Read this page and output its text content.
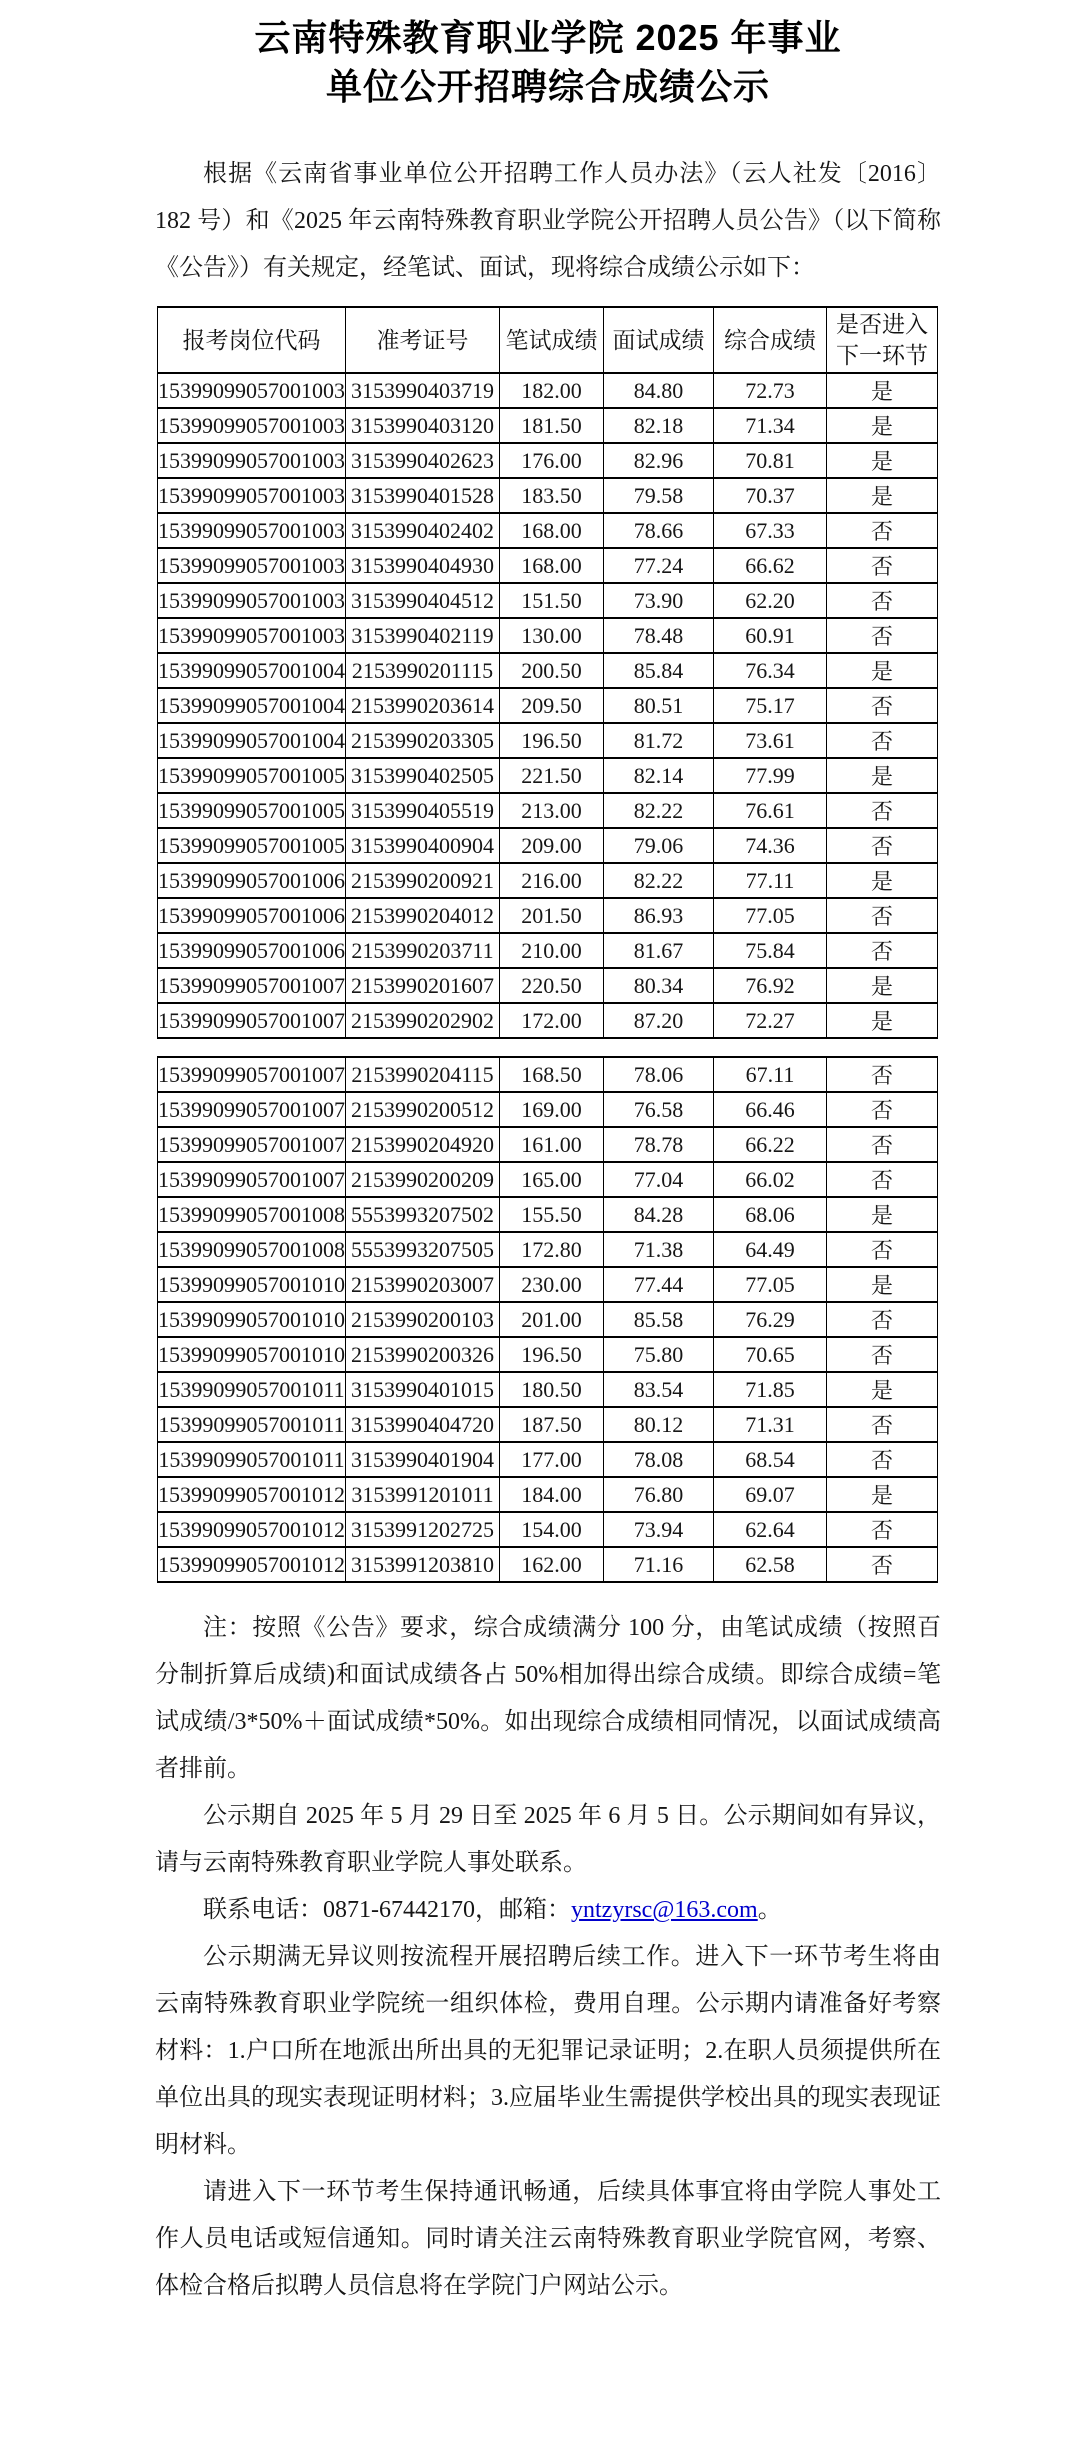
云南特殊教育职业学院 2025 年事业
单位公开招聘综合成绩公示

根据《云南省事业单位公开招聘工作人员办法》（云人社发〔2016〕182 号）和《2025 年云南特殊教育职业学院公开招聘人员公告》（以下简称《公告》）有关规定，经笔试、面试，现将综合成绩公示如下：

报考岗位代码	准考证号	笔试成绩	面试成绩	综合成绩	是否进入
下一环节

15399099057001003	3153990403719	182.00	84.80	72.73	是
15399099057001003	3153990403120	181.50	82.18	71.34	是
15399099057001003	3153990402623	176.00	82.96	70.81	是
15399099057001003	3153990401528	183.50	79.58	70.37	是
15399099057001003	3153990402402	168.00	78.66	67.33	否
15399099057001003	3153990404930	168.00	77.24	66.62	否
15399099057001003	3153990404512	151.50	73.90	62.20	否
15399099057001003	3153990402119	130.00	78.48	60.91	否
15399099057001004	2153990201115	200.50	85.84	76.34	是
15399099057001004	2153990203614	209.50	80.51	75.17	否
15399099057001004	2153990203305	196.50	81.72	73.61	否
15399099057001005	3153990402505	221.50	82.14	77.99	是
15399099057001005	3153990405519	213.00	82.22	76.61	否
15399099057001005	3153990400904	209.00	79.06	74.36	否
15399099057001006	2153990200921	216.00	82.22	77.11	是
15399099057001006	2153990204012	201.50	86.93	77.05	否
15399099057001006	2153990203711	210.00	81.67	75.84	否
15399099057001007	2153990201607	220.50	80.34	76.92	是
15399099057001007	2153990202902	172.00	87.20	72.27	是
15399099057001007	2153990204115	168.50	78.06	67.11	否
15399099057001007	2153990200512	169.00	76.58	66.46	否
15399099057001007	2153990204920	161.00	78.78	66.22	否
15399099057001007	2153990200209	165.00	77.04	66.02	否
15399099057001008	5553993207502	155.50	84.28	68.06	是
15399099057001008	5553993207505	172.80	71.38	64.49	否
15399099057001010	2153990203007	230.00	77.44	77.05	是
15399099057001010	2153990200103	201.00	85.58	76.29	否
15399099057001010	2153990200326	196.50	75.80	70.65	否
15399099057001011	3153990401015	180.50	83.54	71.85	是
15399099057001011	3153990404720	187.50	80.12	71.31	否
15399099057001011	3153990401904	177.00	78.08	68.54	否
15399099057001012	3153991201011	184.00	76.80	69.07	是
15399099057001012	3153991202725	154.00	73.94	62.64	否
15399099057001012	3153991203810	162.00	71.16	62.58	否

注：按照《公告》要求，综合成绩满分 100 分，由笔试成绩（按照百分制折算后成绩)和面试成绩各占 50%相加得出综合成绩。即综合成绩=笔试成绩/3*50%＋面试成绩*50%。如出现综合成绩相同情况，以面试成绩高者排前。

公示期自 2025 年 5 月 29 日至 2025 年 6 月 5 日。公示期间如有异议，请与云南特殊教育职业学院人事处联系。

联系电话：0871-67442170，邮箱：yntzyrsc@163.com。

公示期满无异议则按流程开展招聘后续工作。进入下一环节考生将由云南特殊教育职业学院统一组织体检，费用自理。公示期内请准备好考察材料：1.户口所在地派出所出具的无犯罪记录证明；2.在职人员须提供所在单位出具的现实表现证明材料；3.应届毕业生需提供学校出具的现实表现证明材料。

请进入下一环节考生保持通讯畅通，后续具体事宜将由学院人事处工作人员电话或短信通知。同时请关注云南特殊教育职业学院官网，考察、体检合格后拟聘人员信息将在学院门户网站公示。
